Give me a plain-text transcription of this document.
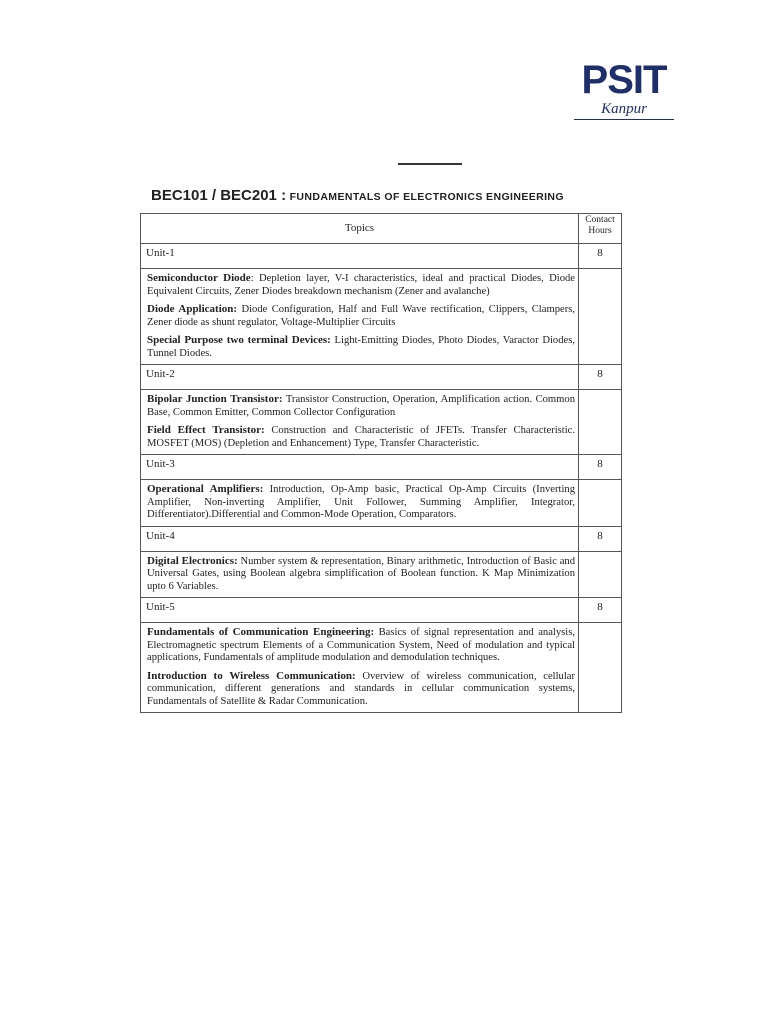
PSIT
Kanpur
BEC101 / BEC201 : FUNDAMENTALS OF ELECTRONICS ENGINEERING
Topics	Contact Hours
Unit-1	8

Semiconductor Diode: Depletion layer, V-I characteristics, ideal and practical Diodes, Diode Equivalent Circuits, Zener Diodes breakdown mechanism (Zener and avalanche)

Diode Application: Diode Configuration, Half and Full Wave rectification, Clippers, Clampers, Zener diode as shunt regulator, Voltage-Multiplier Circuits

Special Purpose two terminal Devices: Light-Emitting Diodes, Photo Diodes, Varactor Diodes, Tunnel Diodes.	

Unit-2	8

Bipolar Junction Transistor: Transistor Construction, Operation, Amplification action. Common Base, Common Emitter, Common Collector Configuration

Field Effect Transistor: Construction and Characteristic of JFETs. Transfer Characteristic. MOSFET (MOS) (Depletion and Enhancement) Type, Transfer Characteristic.	

Unit-3	8

Operational Amplifiers: Introduction, Op-Amp basic, Practical Op-Amp Circuits (Inverting Amplifier, Non-inverting Amplifier, Unit Follower, Summing Amplifier, Integrator, Differentiator).Differential and Common-Mode Operation, Comparators.	

Unit-4	8

Digital Electronics: Number system & representation, Binary arithmetic, Introduction of Basic and Universal Gates, using Boolean algebra simplification of Boolean function. K Map Minimization upto 6 Variables.	

Unit-5	8

Fundamentals of Communication Engineering: Basics of signal representation and analysis, Electromagnetic spectrum Elements of a Communication System, Need of modulation and typical applications, Fundamentals of amplitude modulation and demodulation techniques.

Introduction to Wireless Communication: Overview of wireless communication, cellular communication, different generations and standards in cellular communication systems, Fundamentals of Satellite & Radar Communication.	
